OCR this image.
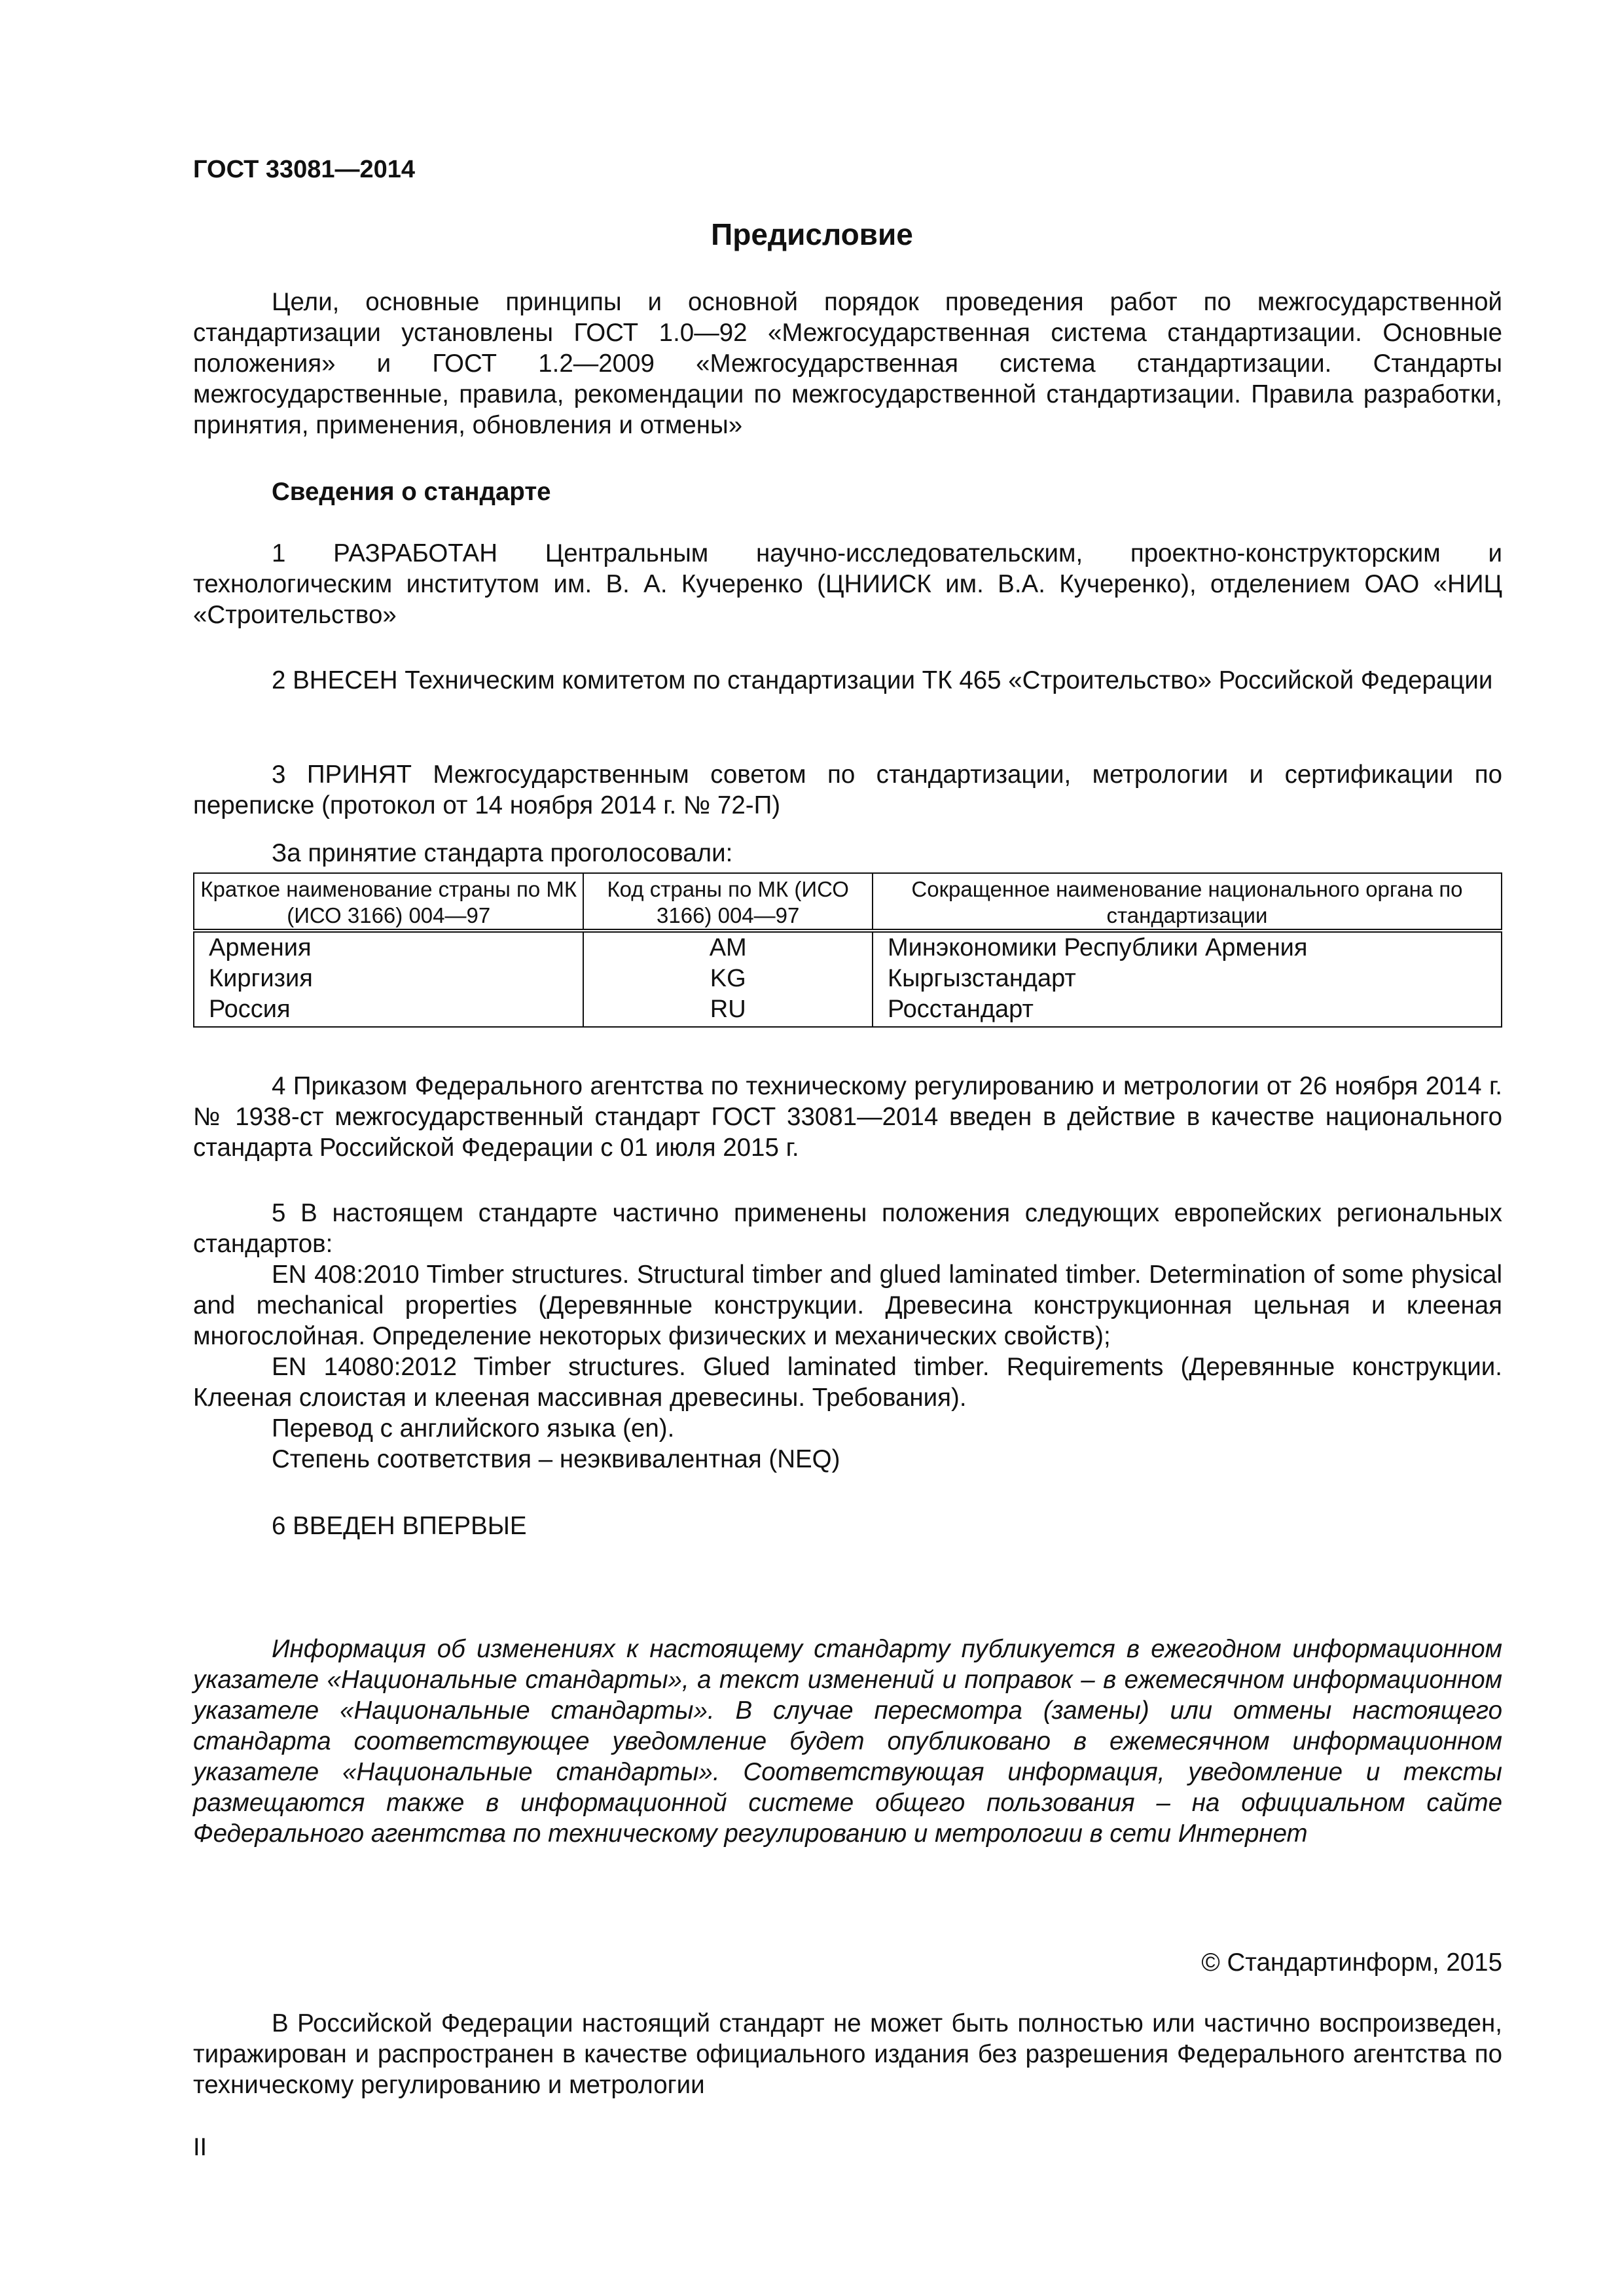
ГОСТ 33081—2014
Предисловие

Цели, основные принципы и основной порядок проведения работ по межгосударственной стандартизации установлены ГОСТ 1.0—92 «Межгосударственная система стандартизации. Основные положения» и ГОСТ 1.2—2009 «Межгосударственная система стандартизации. Стандарты межгосударственные, правила, рекомендации по межгосударственной стандартизации. Правила разработки, принятия, применения, обновления и отмены»

Сведения о стандарте

1 РАЗРАБОТАН Центральным научно-исследовательским, проектно-конструкторским и технологическим институтом им. В. А. Кучеренко (ЦНИИСК им. В.А. Кучеренко), отделением ОАО «НИЦ «Строительство»

2 ВНЕСЕН Техническим комитетом по стандартизации ТК 465 «Строительство» Российской Федерации

3 ПРИНЯТ Межгосударственным советом по стандартизации, метрологии и сертификации по переписке (протокол от 14 ноября 2014 г. № 72-П)

За принятие стандарта проголосовали:

Краткое наименование страны по МК (ИСО 3166) 004—97	Код страны по МК (ИСО 3166) 004—97	Сокращенное наименование национального органа по стандартизации
Армения	AM	Минэкономики Республики Армения
Киргизия	KG	Кыргызстандарт
Россия	RU	Росстандарт

4 Приказом Федерального агентства по техническому регулированию и метрологии от 26 ноября 2014 г. № 1938-ст межгосударственный стандарт ГОСТ 33081—2014 введен в действие в качестве национального стандарта Российской Федерации с 01 июля 2015 г.

5 В настоящем стандарте частично применены положения следующих европейских региональных стандартов:

EN 408:2010 Timber structures. Structural timber and glued laminated timber. Determination of some physical and mechanical properties (Деревянные конструкции. Древесина конструкционная цельная и клееная многослойная. Определение некоторых физических и механических свойств);

EN 14080:2012 Timber structures. Glued laminated timber. Requirements (Деревянные конструкции. Клееная слоистая и клееная массивная древесины. Требования).

Перевод с английского языка (en).

Степень соответствия – неэквивалентная (NEQ)

6 ВВЕДЕН ВПЕРВЫЕ

Информация об изменениях к настоящему стандарту публикуется в ежегодном информационном указателе «Национальные стандарты», а текст изменений и поправок – в ежемесячном информационном указателе «Национальные стандарты». В случае пересмотра (замены) или отмены настоящего стандарта соответствующее уведомление будет опубликовано в ежемесячном информационном указателе «Национальные стандарты». Соответствующая информация, уведомление и тексты размещаются также в информационной системе общего пользования – на официальном сайте Федерального агентства по техническому регулированию и метрологии в сети Интернет

© Стандартинформ, 2015

В Российской Федерации настоящий стандарт не может быть полностью или частично воспроизведен, тиражирован и распространен в качестве официального издания без разрешения Федерального агентства по техническому регулированию и метрологии

II
